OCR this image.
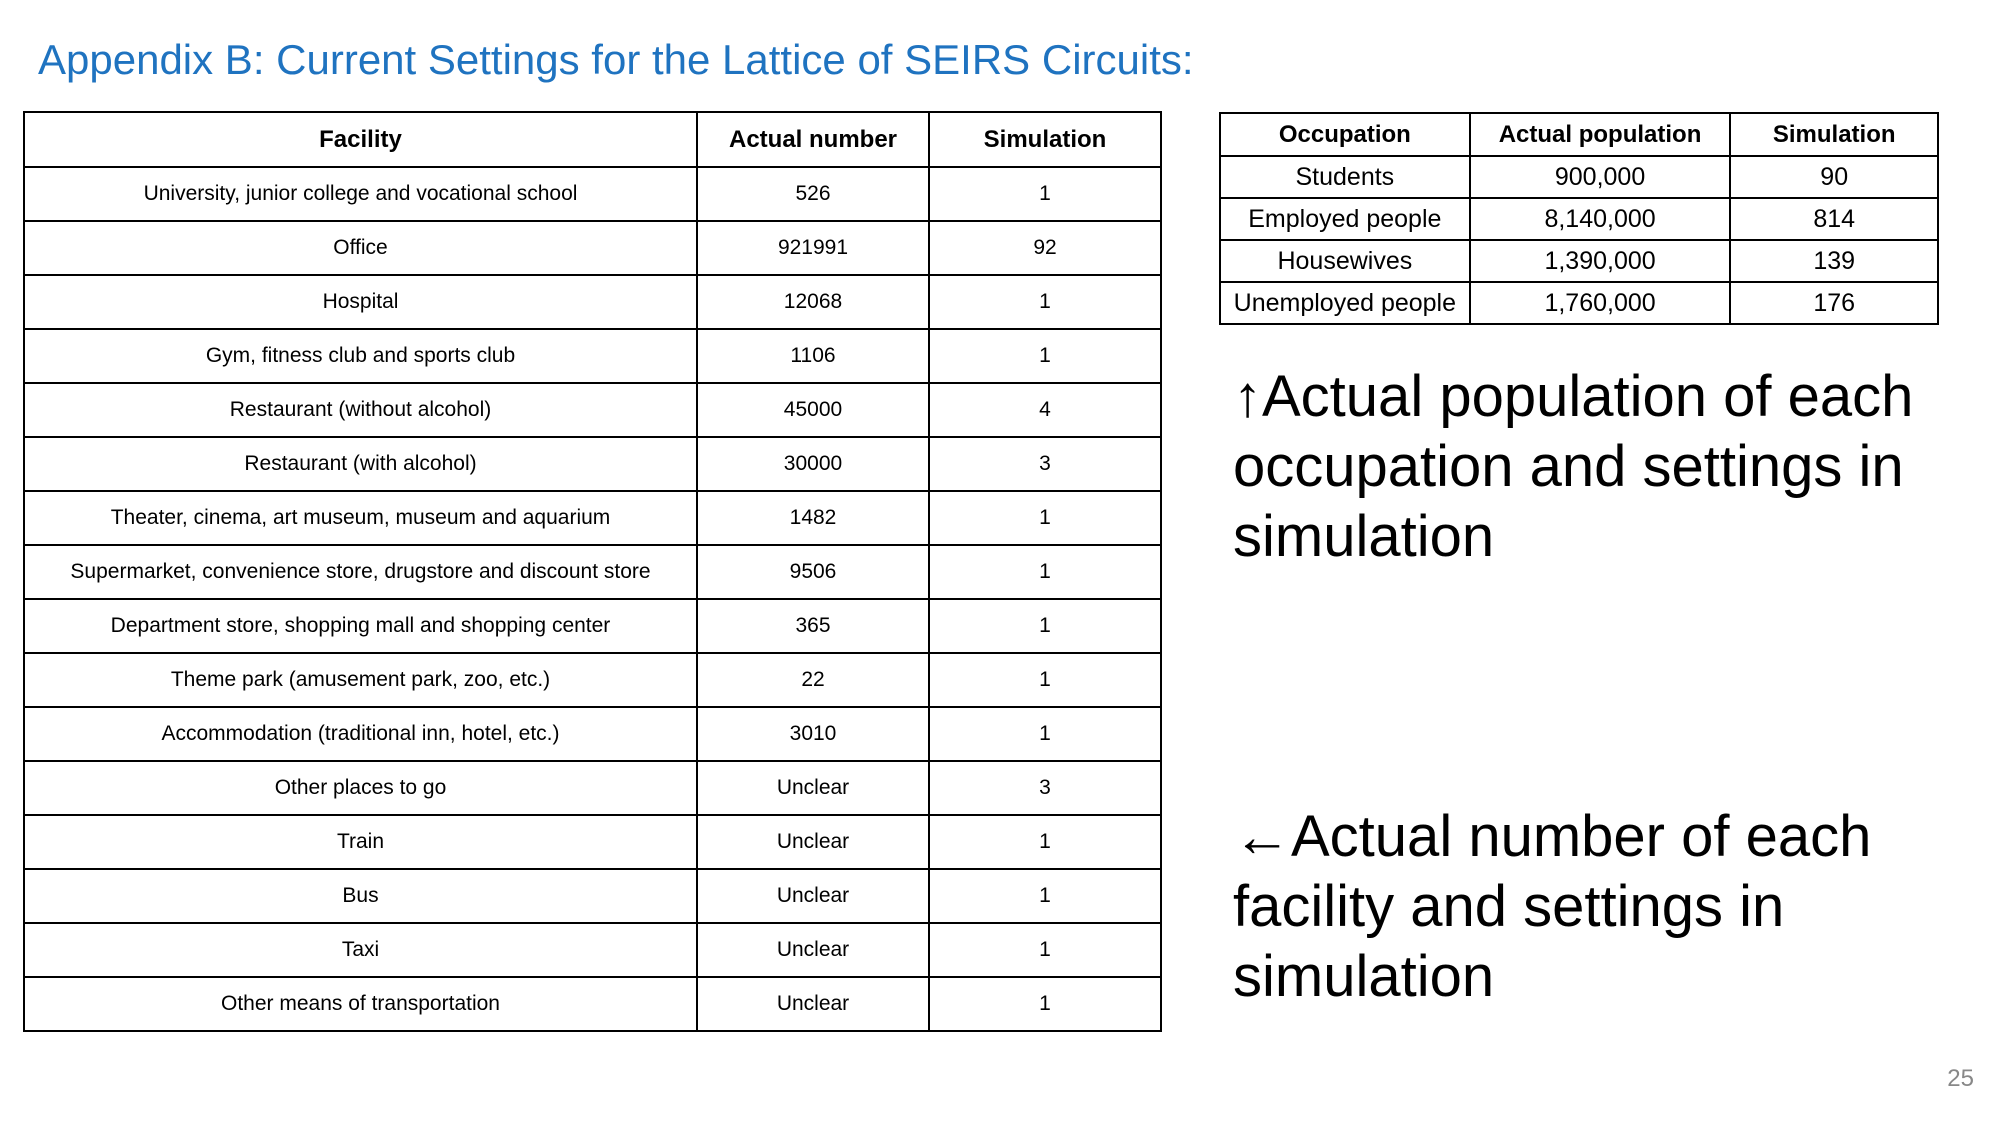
Appendix B: Current Settings for the Lattice of SEIRS Circuits:
Facility	Actual number	Simulation
University, junior college and vocational school	526	1
Office	921991	92
Hospital	12068	1
Gym, fitness club and sports club	1106	1
Restaurant (without alcohol)	45000	4
Restaurant (with alcohol)	30000	3
Theater, cinema, art museum, museum and aquarium	1482	1
Supermarket, convenience store, drugstore and discount store	9506	1
Department store, shopping mall and shopping center	365	1
Theme park (amusement park, zoo, etc.)	22	1
Accommodation (traditional inn, hotel, etc.)	3010	1
Other places to go	Unclear	3
Train	Unclear	1
Bus	Unclear	1
Taxi	Unclear	1
Other means of transportation	Unclear	1
Occupation	Actual population	Simulation
Students	900,000	90
Employed people	8,140,000	814
Housewives	1,390,000	139
Unemployed people	1,760,000	176
↑Actual population of each occupation and settings in simulation
←Actual number of each facility and settings in simulation
25
